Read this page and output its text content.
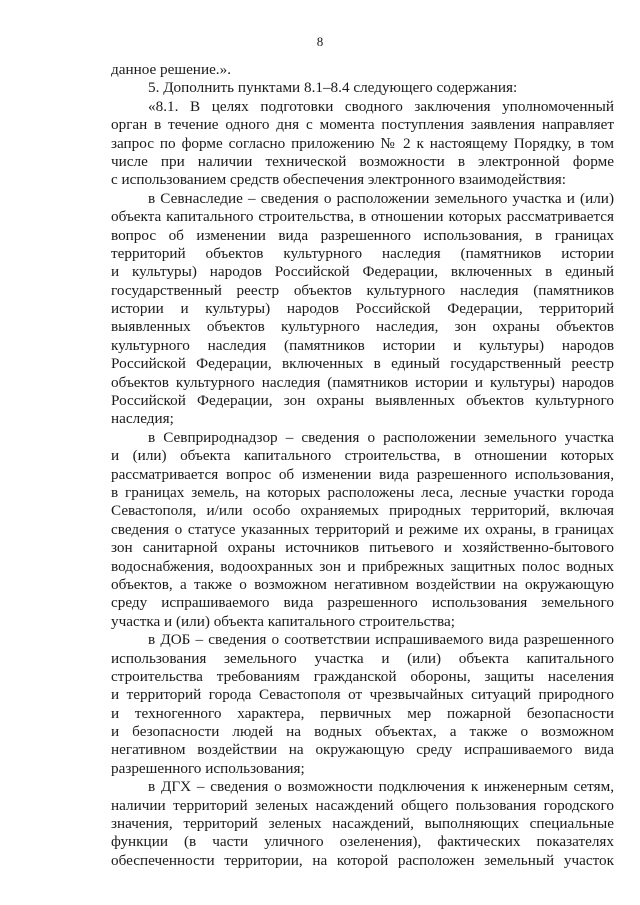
8
данное решение.».
5. Дополнить пунктами 8.1–8.4 следующего содержания:
«8.1. В целях подготовки сводного заключения уполномоченный
орган в течение одного дня с момента поступления заявления направляет
запрос по форме согласно приложению № 2 к настоящему Порядку, в том
числе при наличии технической возможности в электронной форме
с использованием средств обеспечения электронного взаимодействия:
в Севнаследие – сведения о расположении земельного участка и (или)
объекта капитального строительства, в отношении которых рассматривается
вопрос об изменении вида разрешенного использования, в границах
территорий объектов культурного наследия (памятников истории
и культуры) народов Российской Федерации, включенных в единый
государственный реестр объектов культурного наследия (памятников
истории и культуры) народов Российской Федерации, территорий
выявленных объектов культурного наследия, зон охраны объектов
культурного наследия (памятников истории и культуры) народов
Российской Федерации, включенных в единый государственный реестр
объектов культурного наследия (памятников истории и культуры) народов
Российской Федерации, зон охраны выявленных объектов культурного
наследия;
в Севприроднадзор – сведения о расположении земельного участка
и (или) объекта капитального строительства, в отношении которых
рассматривается вопрос об изменении вида разрешенного использования,
в границах земель, на которых расположены леса, лесные участки города
Севастополя, и/или особо охраняемых природных территорий, включая
сведения о статусе указанных территорий и режиме их охраны, в границах
зон санитарной охраны источников питьевого и хозяйственно-бытового
водоснабжения, водоохранных зон и прибрежных защитных полос водных
объектов, а также о возможном негативном воздействии на окружающую
среду испрашиваемого вида разрешенного использования земельного
участка и (или) объекта капитального строительства;
в ДОБ – сведения о соответствии испрашиваемого вида разрешенного
использования земельного участка и (или) объекта капитального
строительства требованиям гражданской обороны, защиты населения
и территорий города Севастополя от чрезвычайных ситуаций природного
и техногенного характера, первичных мер пожарной безопасности
и безопасности людей на водных объектах, а также о возможном
негативном воздействии на окружающую среду испрашиваемого вида
разрешенного использования;
в ДГХ – сведения о возможности подключения к инженерным сетям,
наличии территорий зеленых насаждений общего пользования городского
значения, территорий зеленых насаждений, выполняющих специальные
функции (в части уличного озеленения), фактических показателях
обеспеченности территории, на которой расположен земельный участок
